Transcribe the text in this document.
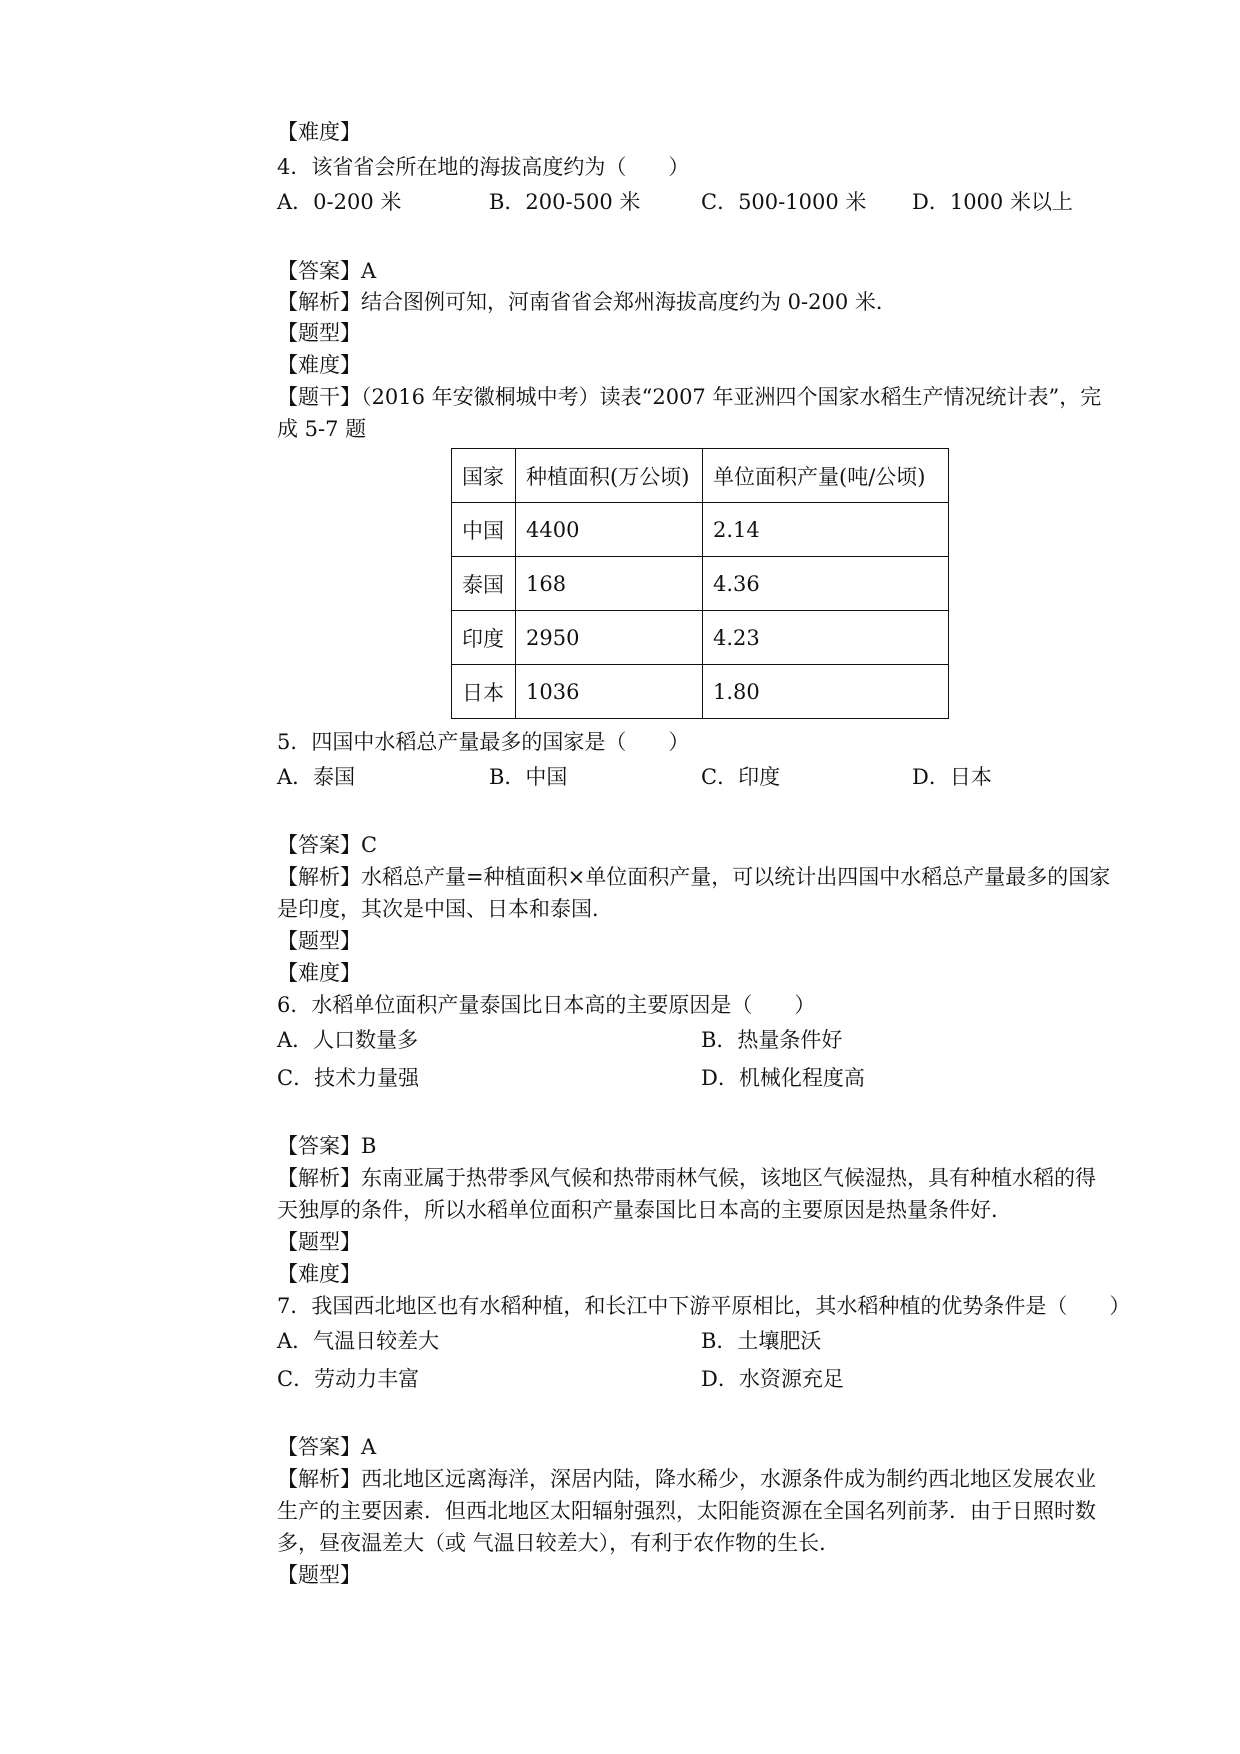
【难度】
4．该省省会所在地的海拔高度约为（　　）
A．0-200 米	B．200-500 米	C．500-1000 米 D．1000 米以上
【答案】A
【解析】结合图例可知，河南省省会郑州海拔高度约为 0-200 米．
【题型】
【难度】
【题干】（2016 年安徽桐城中考）读表“2007 年亚洲四个国家水稻生产情况统计表”，完
成 5-7 题
国家	种植面积(万公顷)	单位面积产量(吨/公顷)
中国	4400	2.14
泰国	168	4.36
印度	2950	4.23
日本	1036	1.80
5．四国中水稻总产量最多的国家是（　　）
A．泰国	B．中国	C．印度	D．日本
【答案】C
【解析】水稻总产量=种植面积×单位面积产量，可以统计出四国中水稻总产量最多的国家
是印度，其次是中国、日本和泰国．
【题型】
【难度】
6．水稻单位面积产量泰国比日本高的主要原因是（　　）
A．人口数量多	B．热量条件好
C．技术力量强	D．机械化程度高
【答案】B
【解析】东南亚属于热带季风气候和热带雨林气候，该地区气候湿热，具有种植水稻的得
天独厚的条件，所以水稻单位面积产量泰国比日本高的主要原因是热量条件好．
【题型】
【难度】
7．我国西北地区也有水稻种植，和长江中下游平原相比，其水稻种植的优势条件是（　　）
A．气温日较差大	B．土壤肥沃
C．劳动力丰富	D．水资源充足
【答案】A
【解析】西北地区远离海洋，深居内陆，降水稀少，水源条件成为制约西北地区发展农业
生产的主要因素．但西北地区太阳辐射强烈，太阳能资源在全国名列前茅．由于日照时数
多，昼夜温差大（或 气温日较差大），有利于农作物的生长．
【题型】
